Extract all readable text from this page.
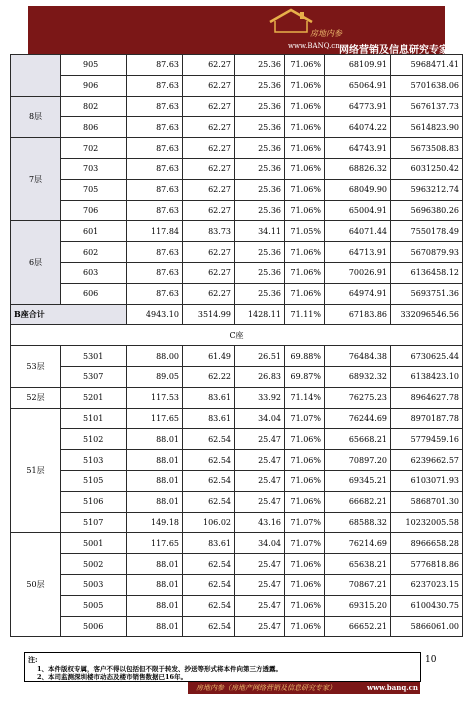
房地内参
www.BANQ.cn 网络营销及信息研究专家
	905	87.63	62.27	25.36	71.06%	68109.91	5968471.41
	906	87.63	62.27	25.36	71.06%	65064.91	5701638.06
8层	802	87.63	62.27	25.36	71.06%	64773.91	5676137.73
	806	87.63	62.27	25.36	71.06%	64074.22	5614823.90
7层	702	87.63	62.27	25.36	71.06%	64743.91	5673508.83
	703	87.63	62.27	25.36	71.06%	68826.32	6031250.42
	705	87.63	62.27	25.36	71.06%	68049.90	5963212.74
	706	87.63	62.27	25.36	71.06%	65004.91	5696380.26
6层	601	117.84	83.73	34.11	71.05%	64071.44	7550178.49
	602	87.63	62.27	25.36	71.06%	64713.91	5670879.93
	603	87.63	62.27	25.36	71.06%	70026.91	6136458.12
	606	87.63	62.27	25.36	71.06%	64974.91	5693751.36
B座合计		4943.10	3514.99	1428.11	71.11%	67183.86	332096546.56
C座							
53层	5301	88.00	61.49	26.51	69.88%	76484.38	6730625.44
	5307	89.05	62.22	26.83	69.87%	68932.32	6138423.10
52层	5201	117.53	83.61	33.92	71.14%	76275.23	8964627.78
51层	5101	117.65	83.61	34.04	71.07%	76244.69	8970187.78
	5102	88.01	62.54	25.47	71.06%	65668.21	5779459.16
	5103	88.01	62.54	25.47	71.06%	70897.20	6239662.57
	5105	88.01	62.54	25.47	71.06%	69345.21	6103071.93
	5106	88.01	62.54	25.47	71.06%	66682.21	5868701.30
	5107	149.18	106.02	43.16	71.07%	68588.32	10232005.58
50层	5001	117.65	83.61	34.04	71.07%	76214.69	8966658.28
	5002	88.01	62.54	25.47	71.06%	65638.21	5776818.86
	5003	88.01	62.54	25.47	71.06%	70867.21	6237023.15
	5005	88.01	62.54	25.47	71.06%	69315.20	6100430.75
	5006	88.01	62.54	25.47	71.06%	66652.21	5866061.00
注:
1、本件版权专属，客户不得以包括但不限于转发、抄送等形式将本件向第三方透露。
2、本司监测深圳楼市动态及楼市销售数据已16年。
10
房地内参（房地产网络营销及信息研究专家）	www.banq.cn
